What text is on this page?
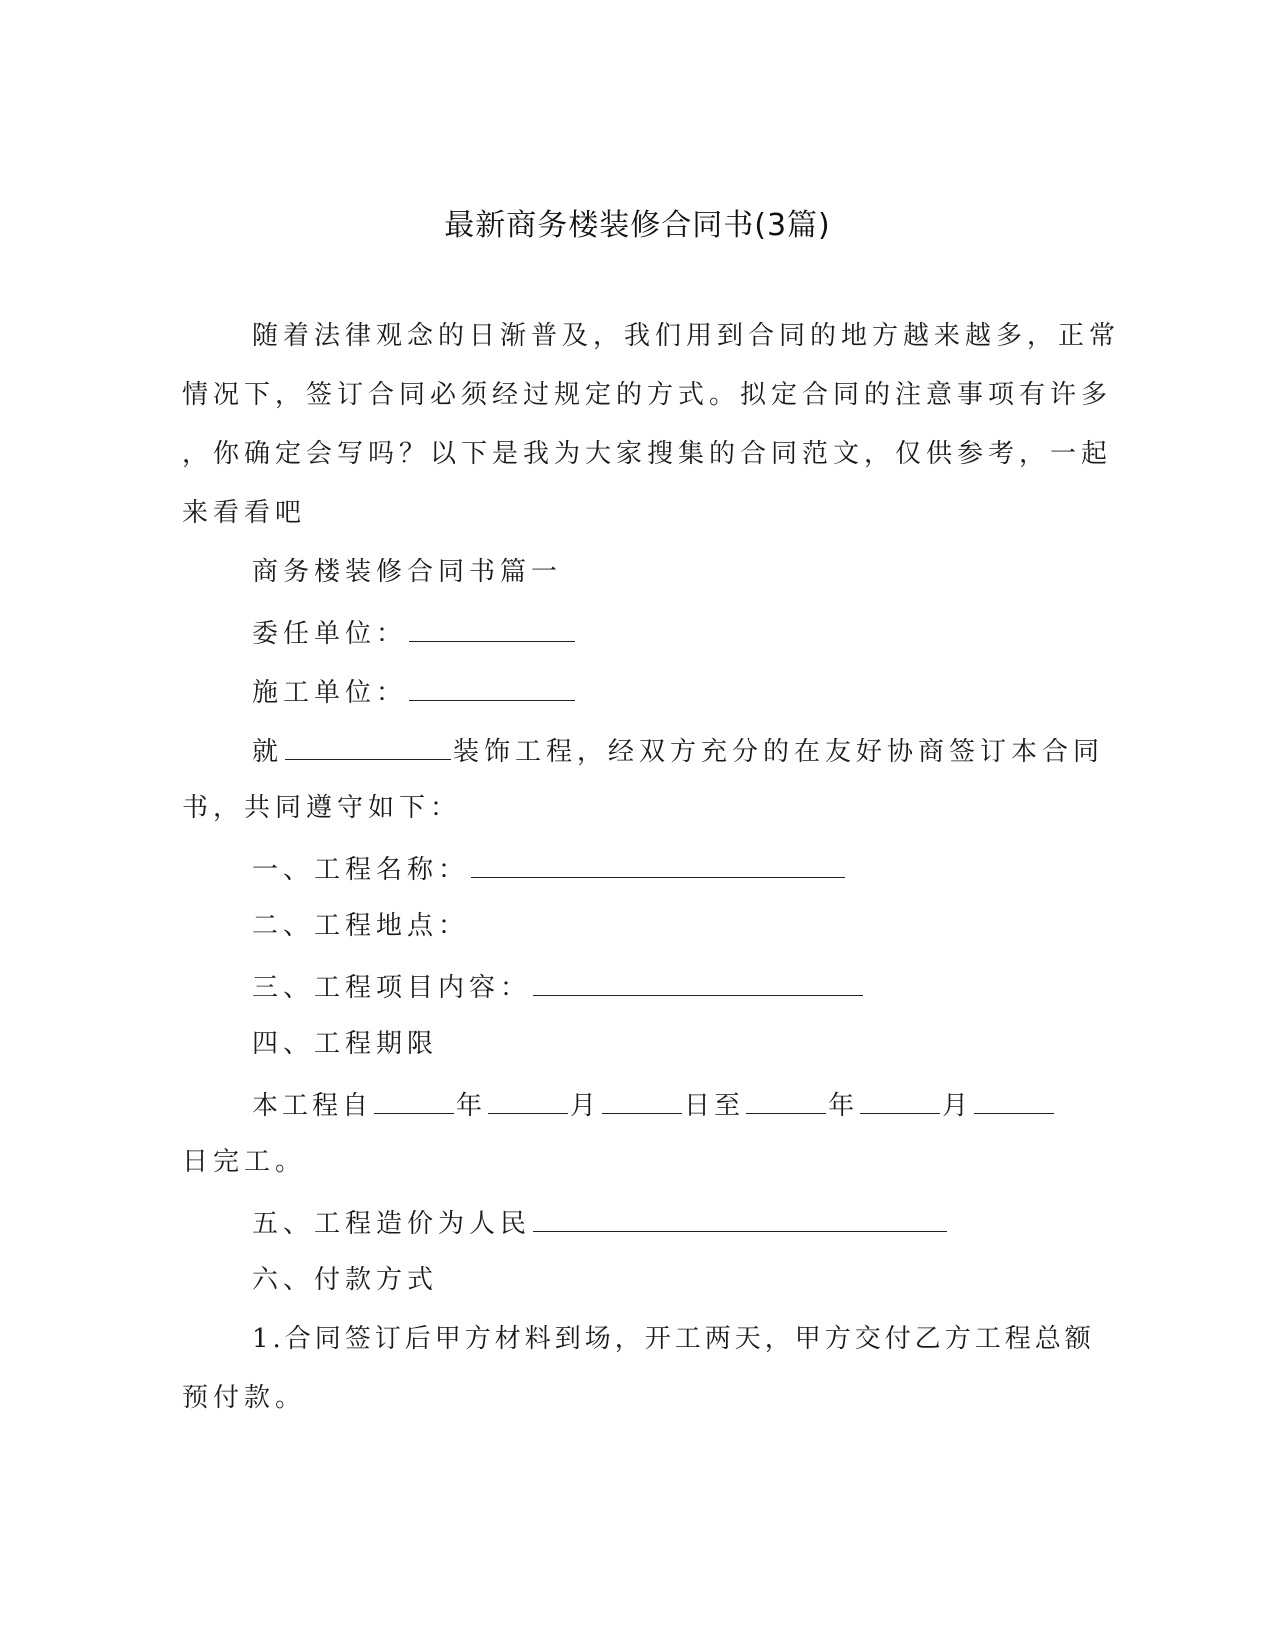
最新商务楼装修合同书(3篇)
随着法律观念的日渐普及，我们用到合同的地方越来越多，正常
情况下，签订合同必须经过规定的方式。拟定合同的注意事项有许多
，你确定会写吗？以下是我为大家搜集的合同范文，仅供参考，一起
来看看吧
商务楼装修合同书篇一
委任单位：
施工单位：
就	装饰工程，经双方充分的在友好协商签订本合同
书，共同遵守如下：
一、工程名称：
二、工程地点：
三、工程项目内容：
四、工程期限
本工程自	年	月	日至	年	月
日完工。
五、工程造价为人民
六、付款方式
1.合同签订后甲方材料到场，开工两天，甲方交付乙方工程总额
预付款。
